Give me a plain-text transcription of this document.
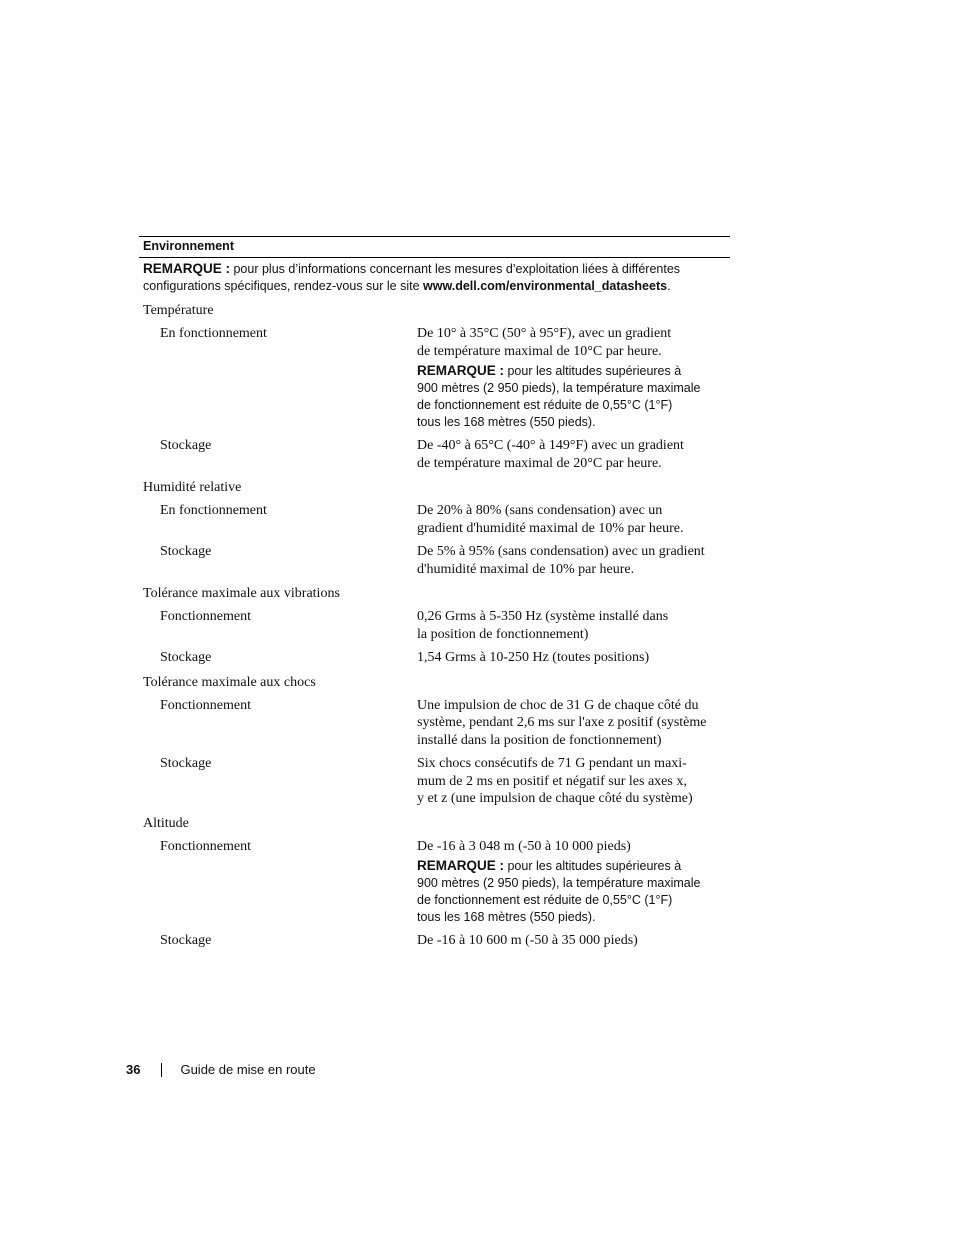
Environnement
REMARQUE : pour plus d’informations concernant les mesures d’exploitation liées à différentes
configurations spécifiques, rendez-vous sur le site www.dell.com/environmental_datasheets.
Température
En fonctionnement	De 10° à 35°C (50° à 95°F), avec un gradient
de température maximal de 10°C par heure.
REMARQUE : pour les altitudes supérieures à
900 mètres (2 950 pieds), la température maximale
de fonctionnement est réduite de 0,55°C (1°F)
tous les 168 mètres (550 pieds).
Stockage	De -40° à 65°C (-40° à 149°F) avec un gradient
de température maximal de 20°C par heure.
Humidité relative
En fonctionnement	De 20% à 80% (sans condensation) avec un
gradient d'humidité maximal de 10% par heure.
Stockage	De 5% à 95% (sans condensation) avec un gradient
d'humidité maximal de 10% par heure.
Tolérance maximale aux vibrations
Fonctionnement	0,26 Grms à 5-350 Hz (système installé dans
la position de fonctionnement)
Stockage	1,54 Grms à 10-250 Hz (toutes positions)
Tolérance maximale aux chocs
Fonctionnement	Une impulsion de choc de 31 G de chaque côté du
système, pendant 2,6 ms sur l'axe z positif (système
installé dans la position de fonctionnement)
Stockage	Six chocs consécutifs de 71 G pendant un maxi-
mum de 2 ms en positif et négatif sur les axes x,
y et z (une impulsion de chaque côté du système)
Altitude
Fonctionnement	De -16 à 3 048 m (-50 à 10 000 pieds)
REMARQUE : pour les altitudes supérieures à
900 mètres (2 950 pieds), la température maximale
de fonctionnement est réduite de 0,55°C (1°F)
tous les 168 mètres (550 pieds).
Stockage	De -16 à 10 600 m (-50 à 35 000 pieds)
36	Guide de mise en route
